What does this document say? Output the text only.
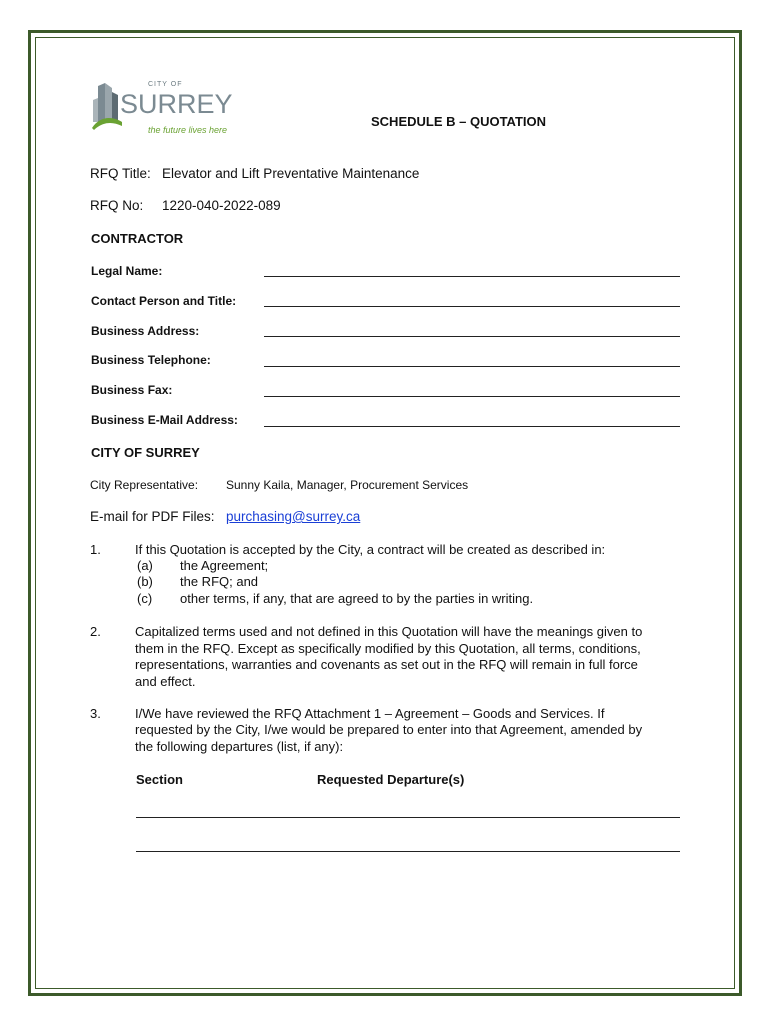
CITY OF
SURREY
the future lives here
SCHEDULE B – QUOTATION
RFQ Title: Elevator and Lift Preventative Maintenance
RFQ No: 1220-040-2022-089
CONTRACTOR
Legal Name:
Contact Person and Title:
Business Address:
Business Telephone:
Business Fax:
Business E-Mail Address:
CITY OF SURREY
City Representative: Sunny Kaila, Manager, Procurement Services
E-mail for PDF Files: purchasing@surrey.ca
1.	If this Quotation is accepted by the City, a contract will be created as described in:
(a) the Agreement;
(b) the RFQ; and
(c) other terms, if any, that are agreed to by the parties in writing.
2.	Capitalized terms used and not defined in this Quotation will have the meanings given to
them in the RFQ. Except as specifically modified by this Quotation, all terms, conditions,
representations, warranties and covenants as set out in the RFQ will remain in full force
and effect.
3.	I/We have reviewed the RFQ Attachment 1 – Agreement – Goods and Services. If
requested by the City, I/we would be prepared to enter into that Agreement, amended by
the following departures (list, if any):
Section	Requested Departure(s)
